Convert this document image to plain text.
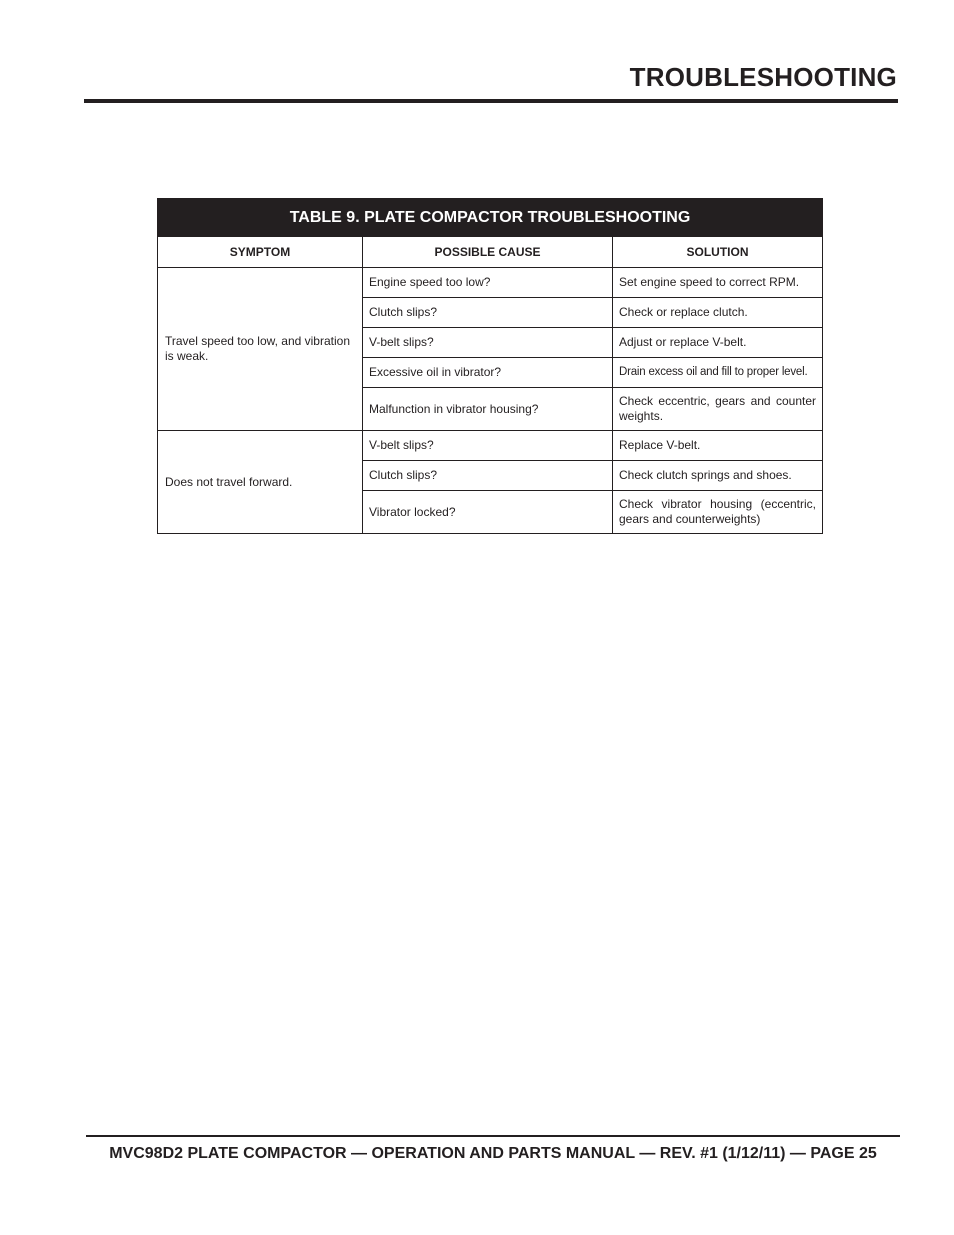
TROUBLESHOOTING
TABLE 9. PLATE COMPACTOR TROUBLESHOOTING		
SYMPTOM	POSSIBLE CAUSE	SOLUTION
Travel speed too low, and vibration is weak.	Engine speed too low?	Set engine speed to correct RPM.
	Clutch slips?	Check or replace clutch.
	V-belt slips?	Adjust or replace V-belt.
	Excessive oil in vibrator?	Drain excess oil and fill to proper level.
	Malfunction in vibrator housing?	Check eccentric, gears and counter weights.
Does not travel forward.	V-belt slips?	Replace V-belt.
	Clutch slips?	Check clutch springs and shoes.
	Vibrator locked?	Check vibrator housing (eccentric, gears and counterweights)
MVC98D2 PLATE COMPACTOR — OPERATION AND PARTS MANUAL — REV. #1 (1/12/11) — PAGE 25
